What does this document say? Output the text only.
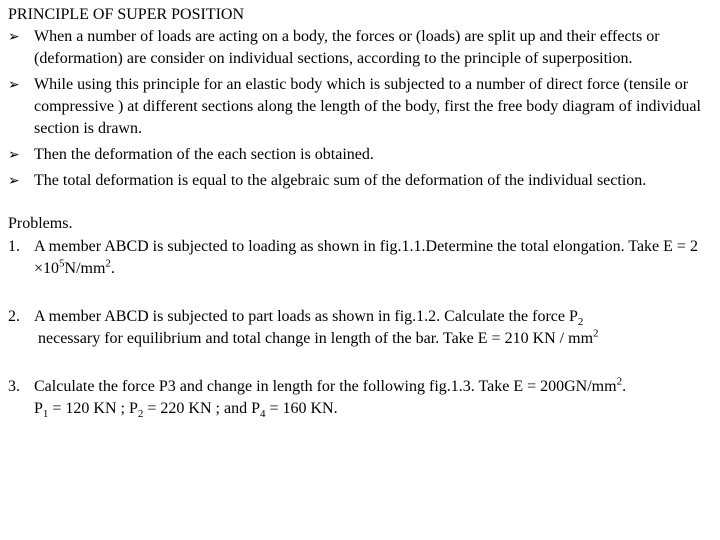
PRINCIPLE OF SUPER POSITION
➢ When a number of loads are acting on a body, the forces or (loads) are split up and their effects or (deformation) are consider on individual sections, according to the principle of superposition.
➢ While using this principle for an elastic body which is subjected to a number of direct force (tensile or compressive ) at different sections along the length of the body, first the free body diagram of individual section is drawn.
➢ Then the deformation of the each section is obtained.
➢ The total deformation is equal to the algebraic sum of the deformation of the individual section.
Problems.
1. A member ABCD is subjected to loading as shown in fig.1.1.Determine the total elongation. Take $E = 2 \times 10^5N/mm^2$.
2. A member ABCD is subjected to part loads as shown in fig.1.2. Calculate the force $P_2$
necessary for equilibrium and total change in length of the bar. Take E = 210 KN / $mm^2$
3. Calculate the force P3 and change in length for the following fig.1.3. Take $E = 200GN/mm^2$.
$P_1 = 120$ KN ; $P_2 = 220$ KN ; and $P_4 = 160$ KN.
